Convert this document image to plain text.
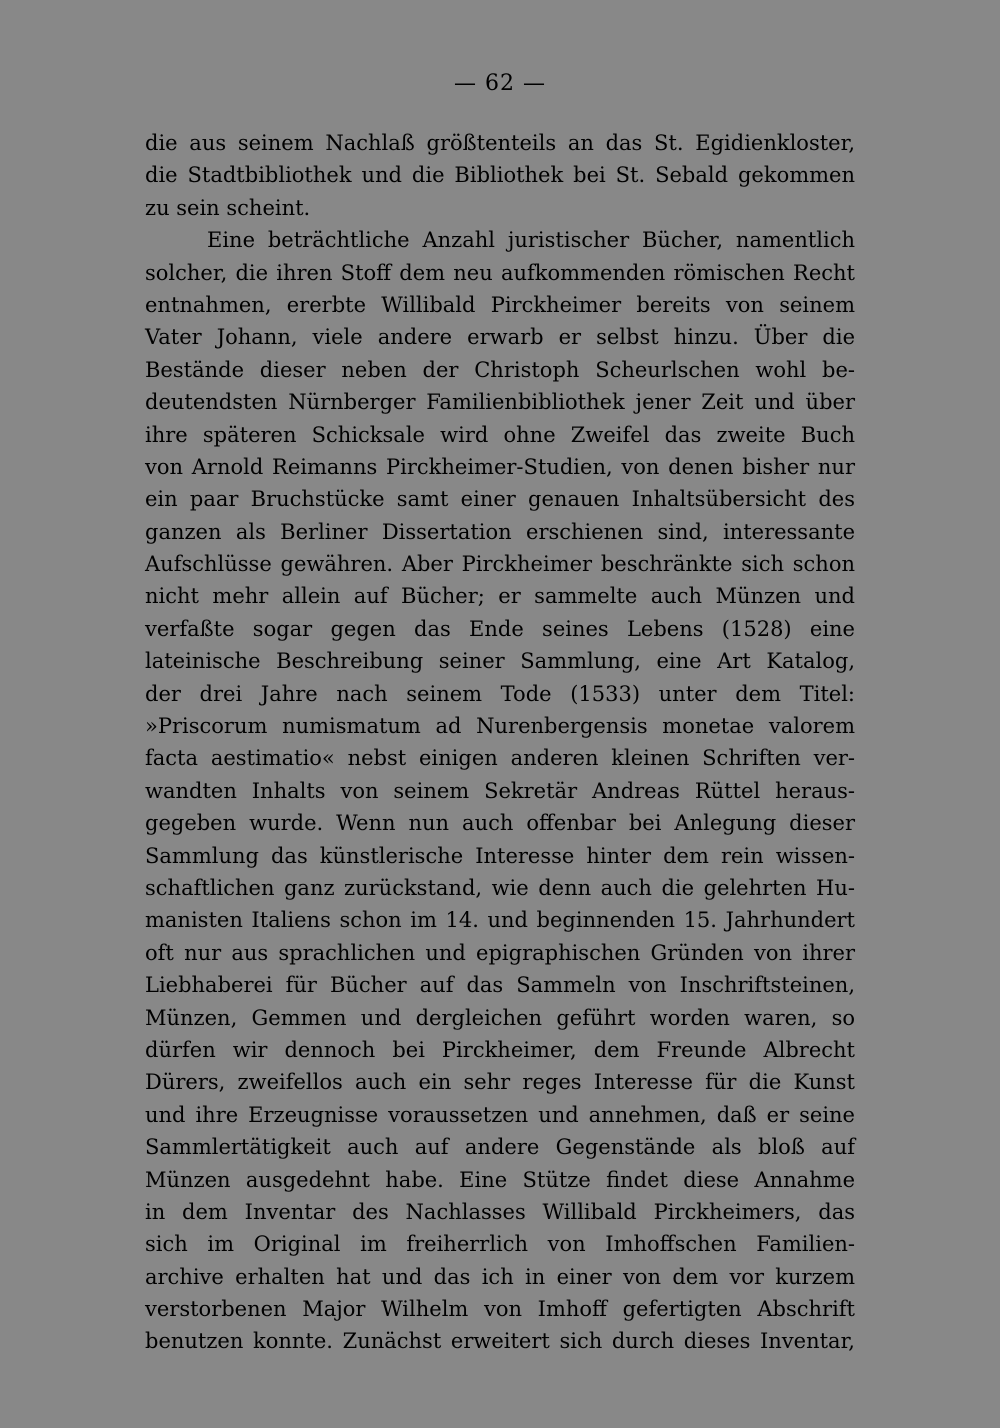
— 62 —
die aus seinem Nachlaß größtenteils an das St. Egidienkloster,
die Stadtbibliothek und die Bibliothek bei St. Sebald gekommen
zu sein scheint.
Eine beträchtliche Anzahl juristischer Bücher, namentlich
solcher, die ihren Stoff dem neu aufkommenden römischen Recht
entnahmen, ererbte Willibald Pirckheimer bereits von seinem
Vater Johann, viele andere erwarb er selbst hinzu. Über die
Bestände dieser neben der Christoph Scheurlschen wohl be-
deutendsten Nürnberger Familienbibliothek jener Zeit und über
ihre späteren Schicksale wird ohne Zweifel das zweite Buch
von Arnold Reimanns Pirckheimer-Studien, von denen bisher nur
ein paar Bruchstücke samt einer genauen Inhaltsübersicht des
ganzen als Berliner Dissertation erschienen sind, interessante
Aufschlüsse gewähren. Aber Pirckheimer beschränkte sich schon
nicht mehr allein auf Bücher; er sammelte auch Münzen und
verfaßte sogar gegen das Ende seines Lebens (1528) eine
lateinische Beschreibung seiner Sammlung, eine Art Katalog,
der drei Jahre nach seinem Tode (1533) unter dem Titel:
»Priscorum numismatum ad Nurenbergensis monetae valorem
facta aestimatio« nebst einigen anderen kleinen Schriften ver-
wandten Inhalts von seinem Sekretär Andreas Rüttel heraus-
gegeben wurde. Wenn nun auch offenbar bei Anlegung dieser
Sammlung das künstlerische Interesse hinter dem rein wissen-
schaftlichen ganz zurückstand, wie denn auch die gelehrten Hu-
manisten Italiens schon im 14. und beginnenden 15. Jahrhundert
oft nur aus sprachlichen und epigraphischen Gründen von ihrer
Liebhaberei für Bücher auf das Sammeln von Inschriftsteinen,
Münzen, Gemmen und dergleichen geführt worden waren, so
dürfen wir dennoch bei Pirckheimer, dem Freunde Albrecht
Dürers, zweifellos auch ein sehr reges Interesse für die Kunst
und ihre Erzeugnisse voraussetzen und annehmen, daß er seine
Sammlertätigkeit auch auf andere Gegenstände als bloß auf
Münzen ausgedehnt habe. Eine Stütze findet diese Annahme
in dem Inventar des Nachlasses Willibald Pirckheimers, das
sich im Original im freiherrlich von Imhoffschen Familien-
archive erhalten hat und das ich in einer von dem vor kurzem
verstorbenen Major Wilhelm von Imhoff gefertigten Abschrift
benutzen konnte. Zunächst erweitert sich durch dieses Inventar,
